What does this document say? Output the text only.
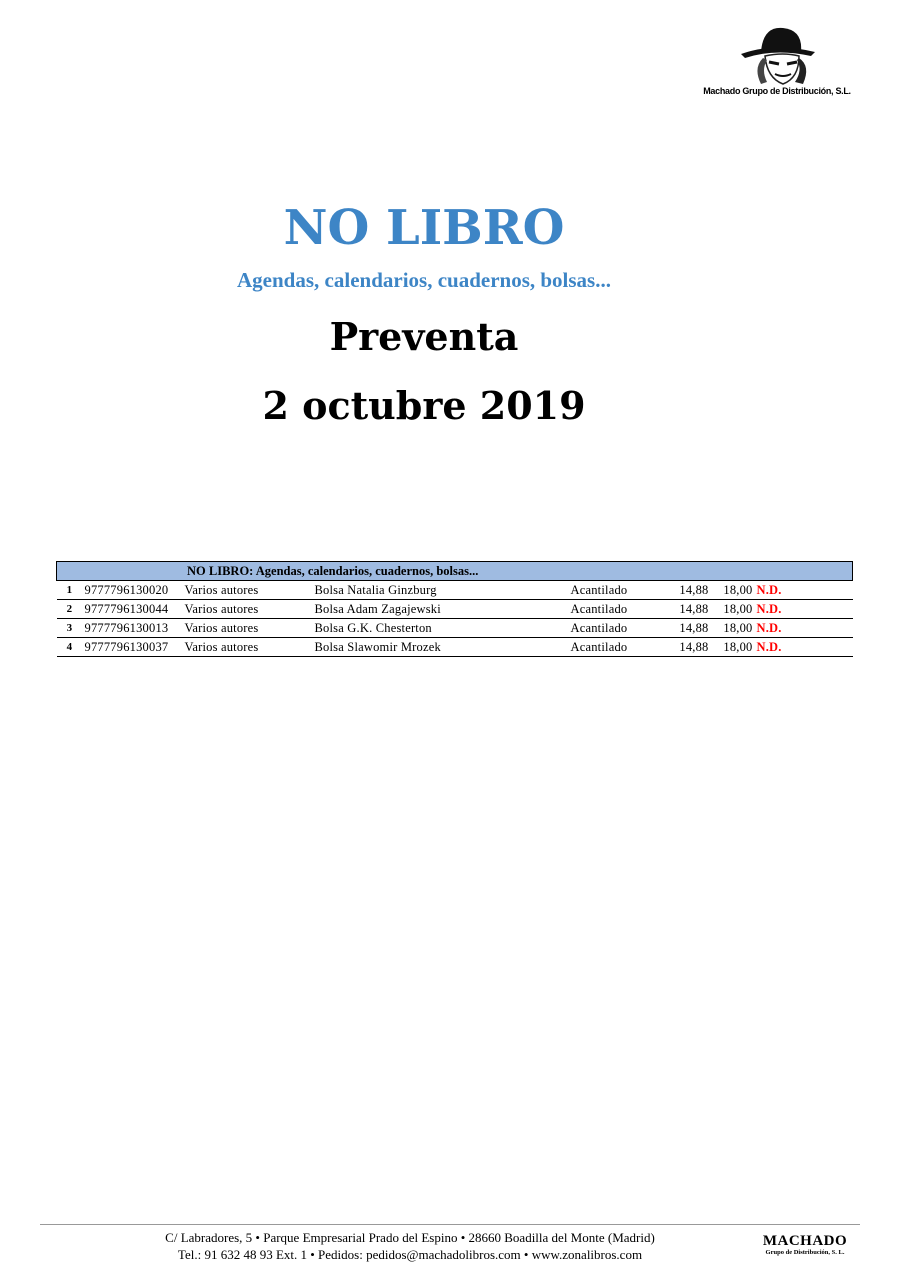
Machado Grupo de Distribución, S.L.
NO LIBRO
Agendas, calendarios, cuadernos, bolsas...
Preventa
2 octubre 2019
NO LIBRO: Agendas, calendarios, cuadernos, bolsas...							
1	9777796130020	Varios autores	Bolsa Natalia Ginzburg	Acantilado	14,88	18,00	N.D.
2	9777796130044	Varios autores	Bolsa Adam Zagajewski	Acantilado	14,88	18,00	N.D.
3	9777796130013	Varios autores	Bolsa G.K. Chesterton	Acantilado	14,88	18,00	N.D.
4	9777796130037	Varios autores	Bolsa Slawomir Mrozek	Acantilado	14,88	18,00	N.D.
C/ Labradores, 5 • Parque Empresarial Prado del Espino • 28660 Boadilla del Monte (Madrid)
Tel.: 91 632 48 93 Ext. 1 • Pedidos: pedidos@machadolibros.com • www.zonalibros.com
MACHADO
Grupo de Distribución, S. L.
